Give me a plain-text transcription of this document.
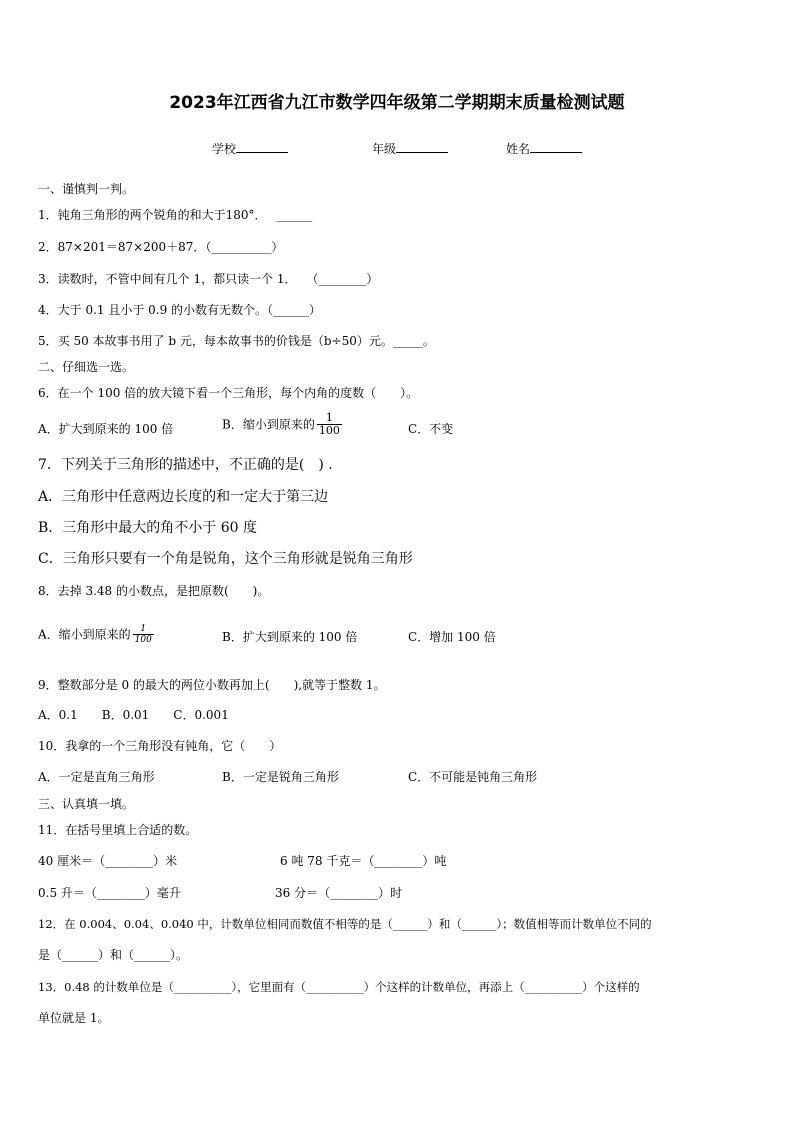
2023年江西省九江市数学四年级第二学期期末质量检测试题
学校	年级	姓名
一、谨慎判一判。
1．钝角三角形的两个锐角的和大于180°．　 ______
2．87×201＝87×200＋87．（__________）
3．读数时，不管中间有几个 1，都只读一个 1．　 （________）
4．大于 0.1 且小于 0.9 的小数有无数个。（______）
5．买 50 本故事书用了 b 元，每本故事书的价钱是（b÷50）元。_____。
二、仔细选一选。
6．在一个 100 倍的放大镜下看一个三角形，每个内角的度数（　　）。
A．扩大到原来的 100 倍	B．缩小到原来的 $\frac{1}{100}$	C．不变
7．下列关于三角形的描述中，不正确的是(　) .
A．三角形中任意两边长度的和一定大于第三边
B．三角形中最大的角不小于 60 度
C．三角形只要有一个角是锐角，这个三角形就是锐角三角形
8．去掉 3.48 的小数点，是把原数(　　)。
A．缩小到原来的 $\frac{1}{100}$	B．扩大到原来的 100 倍	C．增加 100 倍
9．整数部分是 0 的最大的两位小数再加上(　　),就等于整数 1。
A．0.1　　B．0.01　　C．0.001
10．我拿的一个三角形没有钝角，它（　　）
A．一定是直角三角形	B．一定是锐角三角形	C．不可能是钝角三角形
三、认真填一填。
11．在括号里填上合适的数。
40 厘米＝（________）米	6 吨 78 千克＝（________）吨
0.5 升＝（________）毫升	36 分＝（________）时
12．在 0.004、0.04、0.040 中，计数单位相同而数值不相等的是（______）和（______）；数值相等而计数单位不同的
是（______）和（______）。
13．0.48 的计数单位是（__________），它里面有（__________）个这样的计数单位，再添上（__________）个这样的
单位就是 1。
